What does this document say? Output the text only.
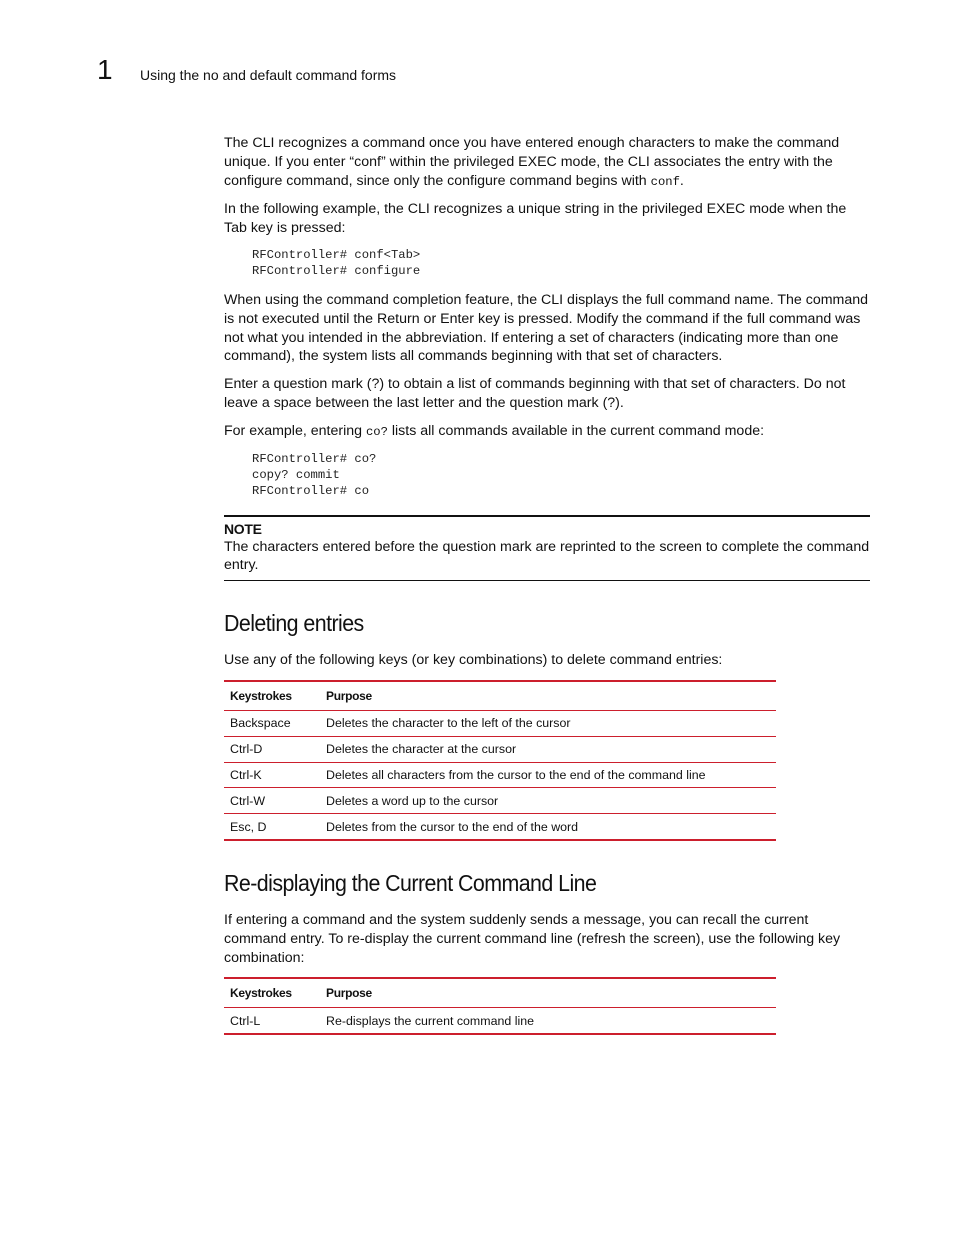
1 Using the no and default command forms

The CLI recognizes a command once you have entered enough characters to make the command unique. If you enter “conf” within the privileged EXEC mode, the CLI associates the entry with the configure command, since only the configure command begins with conf.

In the following example, the CLI recognizes a unique string in the privileged EXEC mode when the Tab key is pressed:

RFController# conf<Tab>
RFController# configure

When using the command completion feature, the CLI displays the full command name. The command is not executed until the Return or Enter key is pressed. Modify the command if the full command was not what you intended in the abbreviation. If entering a set of characters (indicating more than one command), the system lists all commands beginning with that set of characters.

Enter a question mark (?) to obtain a list of commands beginning with that set of characters. Do not leave a space between the last letter and the question mark (?).

For example, entering co? lists all commands available in the current command mode:

RFController# co?
copy? commit
RFController# co
NOTE

The characters entered before the question mark are reprinted to the screen to complete the command entry.

Deleting entries

Use any of the following keys (or key combinations) to delete command entries:

Keystrokes	Purpose
Backspace	Deletes the character to the left of the cursor
Ctrl-D	Deletes the character at the cursor
Ctrl-K	Deletes all characters from the cursor to the end of the command line
Ctrl-W	Deletes a word up to the cursor
Esc, D	Deletes from the cursor to the end of the word
Re-displaying the Current Command Line

If entering a command and the system suddenly sends a message, you can recall the current command entry. To re-display the current command line (refresh the screen), use the following key combination:

Keystrokes	Purpose
Ctrl-L	Re-displays the current command line
